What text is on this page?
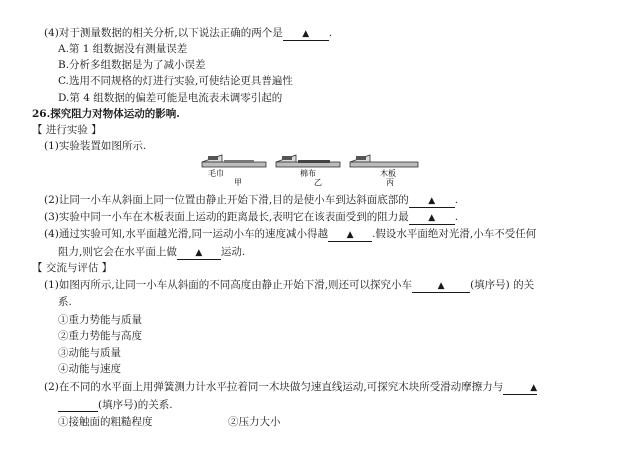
(4)对于测量数据的相关分析,以下说法正确的两个是 ▲ .
A.第 1 组数据没有测量误差
B.分析多组数据是为了减小误差
C.选用不同规格的灯进行实验,可使结论更具普遍性
D.第 4 组数据的偏差可能是电流表未调零引起的
26.探究阻力对物体运动的影响.
【 进行实验 】
(1)实验装置如图所示.
毛巾
甲
棉布
乙
木板
丙
(2)让同一小车从斜面上同一位置由静止开始下滑,目的是使小车到达斜面底部的 ▲ .
(3)实验中同一小车在木板表面上运动的距离最长,表明它在该表面受到的阻力最 ▲ .
(4)通过实验可知,水平面越光滑,同一运动小车的速度减小得越 ▲ .假设水平面绝对光滑,小车不受任何
阻力,则它会在水平面上做 ▲ 运动.
【 交流与评估 】
(1)如图丙所示,让同一小车从斜面的不同高度由静止开始下滑,则还可以探究小车	▲ (填序号) 的关
系.
①重力势能与质量
②重力势能与高度
③动能与质量
④动能与速度
(2)在不同的水平面上用弹簧测力计水平拉着同一木块做匀速直线运动,可探究木块所受滑动摩擦力与	▲
(填序号)的关系.
①接触面的粗糙程度	②压力大小
